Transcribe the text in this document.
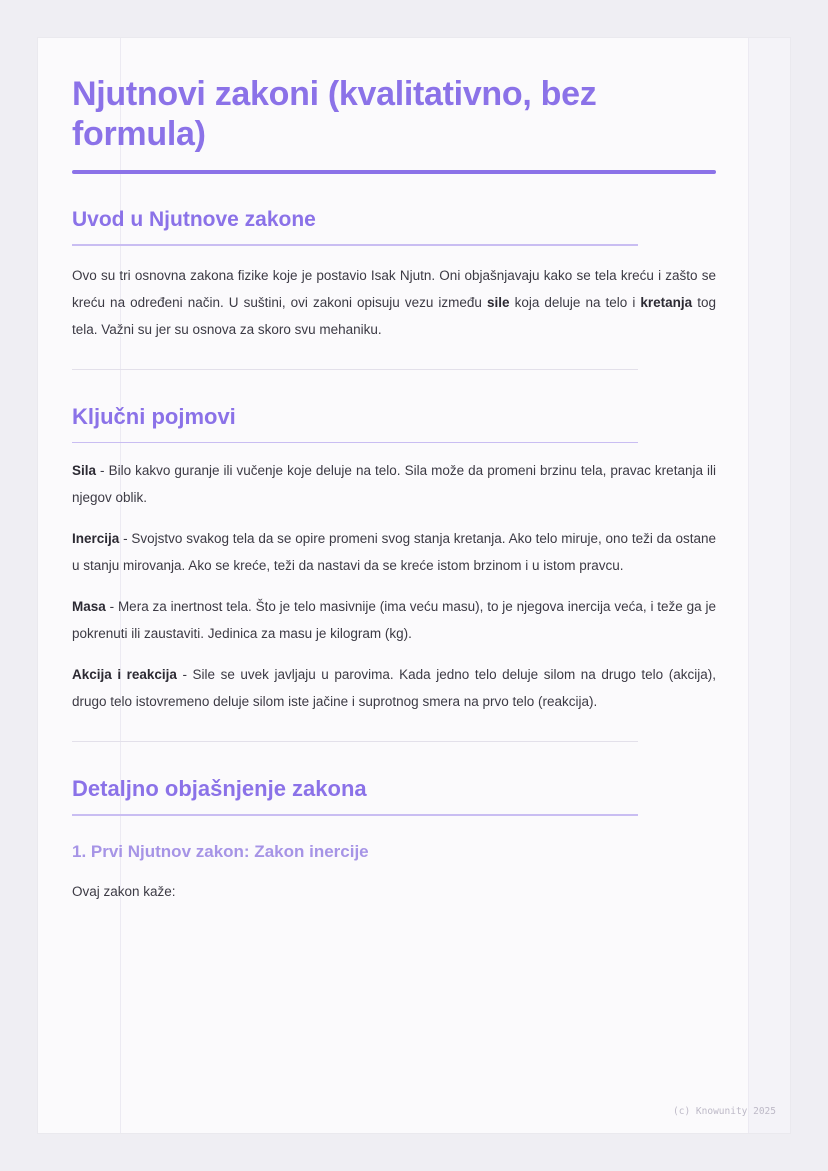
Njutnovi zakoni (kvalitativno, bez formula)
Uvod u Njutnove zakone

Ovo su tri osnovna zakona fizike koje je postavio Isak Njutn. Oni objašnjavaju kako se tela kreću i zašto se kreću na određeni način. U suštini, ovi zakoni opisuju vezu između sile koja deluje na telo i kretanja tog tela. Važni su jer su osnova za skoro svu mehaniku.

Ključni pojmovi

Sila - Bilo kakvo guranje ili vučenje koje deluje na telo. Sila može da promeni brzinu tela, pravac kretanja ili njegov oblik.

Inercija - Svojstvo svakog tela da se opire promeni svog stanja kretanja. Ako telo miruje, ono teži da ostane u stanju mirovanja. Ako se kreće, teži da nastavi da se kreće istom brzinom i u istom pravcu.

Masa - Mera za inertnost tela. Što je telo masivnije (ima veću masu), to je njegova inercija veća, i teže ga je pokrenuti ili zaustaviti. Jedinica za masu je kilogram (kg).

Akcija i reakcija - Sile se uvek javljaju u parovima. Kada jedno telo deluje silom na drugo telo (akcija), drugo telo istovremeno deluje silom iste jačine i suprotnog smera na prvo telo (reakcija).

Detaljno objašnjenje zakona
1. Prvi Njutnov zakon: Zakon inercije

Ovaj zakon kaže:

(c) Knowunity 2025
